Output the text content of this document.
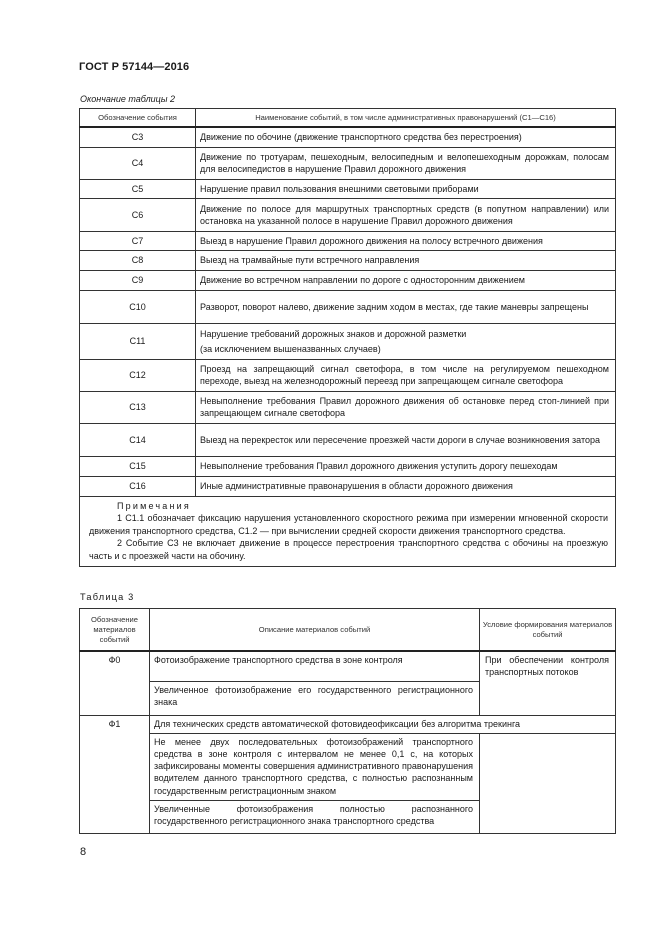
ГОСТ Р 57144—2016
Окончание таблицы 2
Обозначение события	Наименование событий, в том числе административных правонарушений (С1—С16)
С3	Движение по обочине (движение транспортного средства без перестроения)
С4	Движение по тротуарам, пешеходным, велосипедным и велопешеходным дорожкам, полосам для велосипедистов в нарушение Правил дорожного движения
С5	Нарушение правил пользования внешними световыми приборами
С6	Движение по полосе для маршрутных транспортных средств (в попутном направлении) или остановка на указанной полосе в нарушение Правил дорожного движения
С7	Выезд в нарушение Правил дорожного движения на полосу встречного движения
С8	Выезд на трамвайные пути встречного направления
С9	Движение во встречном направлении по дороге с односторонним движением
С10	Разворот, поворот налево, движение задним ходом в местах, где такие маневры запрещены
С11	Нарушение требований дорожных знаков и дорожной разметки
(за исключением вышеназванных случаев)

С12	Проезд на запрещающий сигнал светофора, в том числе на регулируемом пешеходном переходе, выезд на железнодорожный переезд при запрещающем сигнале светофора
С13	Невыполнение требования Правил дорожного движения об остановке перед стоп-линией при запрещающем сигнале светофора
С14	Выезд на перекресток или пересечение проезжей части дороги в случае возникновения затора
С15	Невыполнение требования Правил дорожного движения уступить дорогу пешеходам
С16	Иные административные правонарушения в области дорожного движения

Примечания

1 С1.1 обозначает фиксацию нарушения установленного скоростного режима при измерении мгновенной скорости движения транспортного средства, С1.2 — при вычислении средней скорости движения транспортного средства.

2 Событие С3 не включает движение в процессе перестроения транспортного средства с обочины на проезжую часть и с проезжей части на обочину.	

Таблица 3
Обозначение материалов событий	Описание материалов событий	Условие формирования материалов событий
Ф0	Фотоизображение транспортного средства в зоне контроля	При обеспечении контроля транспортных потоков
	Увеличенное фотоизображение его государственного регистрационного знака	
Ф1	Для технических средств автоматической фотовидеофиксации без алгоритма трекинга	
	Не менее двух последовательных фотоизображений транспортного средства в зоне контроля с интервалом не менее 0,1 с, на которых зафиксированы моменты совершения административного правонарушения водителем данного транспортного средства, с полностью распознанным государственным регистрационным знаком	
	Увеличенные фотоизображения полностью распознанного государственного регистрационного знака транспортного средства	
8
